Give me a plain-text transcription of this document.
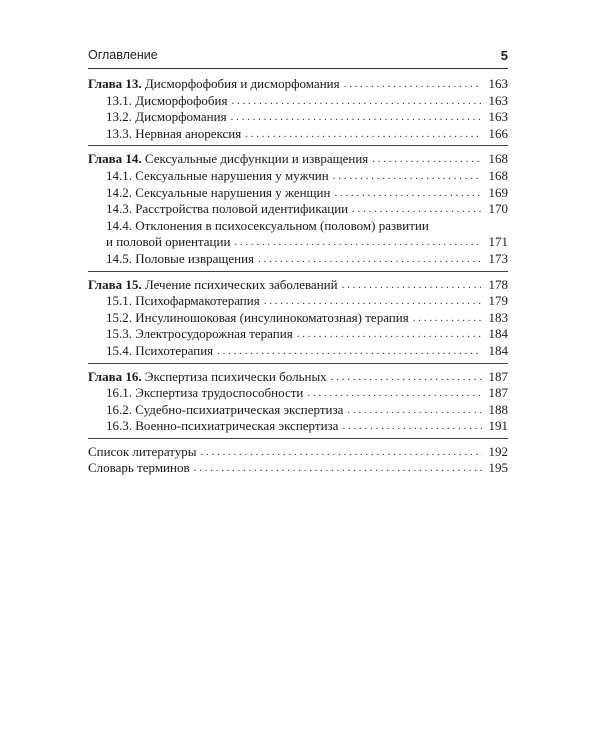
Оглавление	5
Глава 13. Дисморфофобия и дисморфомания . . .	163
13.1. Дисморфофобия . . .	163
13.2. Дисморфомания . . .	163
13.3. Нервная анорексия . . .	166
Глава 14. Сексуальные дисфункции и извращения . . .	168
14.1. Сексуальные нарушения у мужчин . . .	168
14.2. Сексуальные нарушения у женщин . . .	169
14.3. Расстройства половой идентификации . . .	170
14.4. Отклонения в психосексуальном (половом) развитии
и половой ориентации . . .	171
14.5. Половые извращения . . .	173
Глава 15. Лечение психических заболеваний . . .	178
15.1. Психофармакотерапия . . .	179
15.2. Инсулиношоковая (инсулинокоматозная) терапия . . .	183
15.3. Электросудорожная терапия . . .	184
15.4. Психотерапия . . .	184
Глава 16. Экспертиза психически больных . . .	187
16.1. Экспертиза трудоспособности . . .	187
16.2. Судебно-психиатрическая экспертиза . . .	188
16.3. Военно-психиатрическая экспертиза . . .	191
Список литературы . . .	192
Словарь терминов . . .	195
